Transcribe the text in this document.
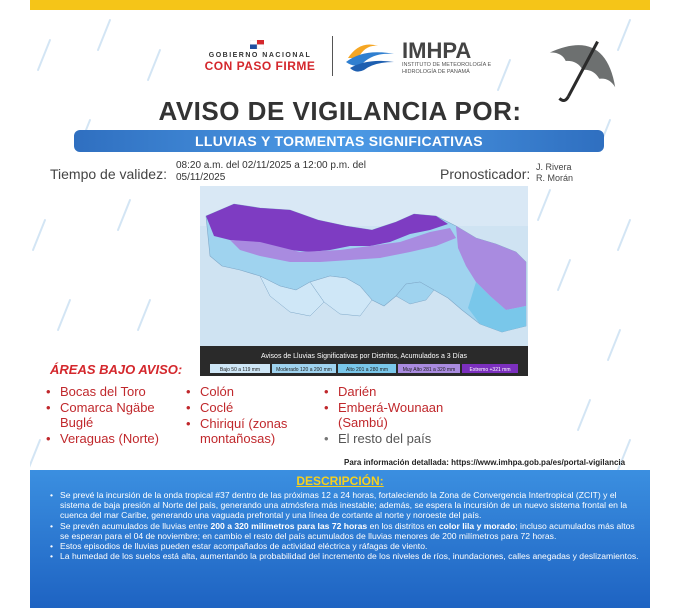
GOBIERNO NACIONAL
CON PASO FIRME
IMHPA
INSTITUTO DE METEOROLOGÍA E HIDROLOGÍA DE PANAMÁ
AVISO DE VIGILANCIA POR:
LLUVIAS Y TORMENTAS SIGNIFICATIVAS
Tiempo de validez:
08:20 a.m. del 02/11/2025 a 12:00 p.m. del 05/11/2025	Pronosticador: J. Rivera
R. Morán
Avisos de Lluvias Significativas por Distritos, Acumulados a 3 Días
Bajo 50 a 119 mm	Moderado 120 a 200 mm	Alto 201 a 280 mm	Muy Alto 281 a 320 mm	Extremo +321 mm
ÁREAS BAJO AVISO:
• Bocas del Toro
• Comarca Ngäbe Buglé
• Veraguas (Norte)
• Colón
• Coclé
• Chiriquí (zonas montañosas)
• Darién
• Emberá-Wounaan (Sambú)
• El resto del país
Para información detallada: https://www.imhpa.gob.pa/es/portal-vigilancia
DESCRIPCIÓN:
• Se prevé la incursión de la onda tropical #37 dentro de las próximas 12 a 24 horas, fortaleciendo la Zona de Convergencia Intertropical (ZCIT) y el sistema de baja presión al Norte del país, generando una atmósfera más inestable; además, se espera la incursión de un nuevo sistema frontal en la cuenca del mar Caribe, generando una vaguada prefrontal y una línea de cortante al norte y noroeste del país.
• Se prevén acumulados de lluvias entre 200 a 320 milímetros para las 72 horas en los distritos en color lila y morado; incluso acumulados más altos se esperan para el 04 de noviembre; en cambio el resto del país acumulados de lluvias menores de 200 milímetros para 72 horas.
• Estos episodios de lluvias pueden estar acompañados de actividad eléctrica y ráfagas de viento.
• La humedad de los suelos está alta, aumentando la probabilidad del incremento de los niveles de ríos, inundaciones, calles anegadas y deslizamientos.
